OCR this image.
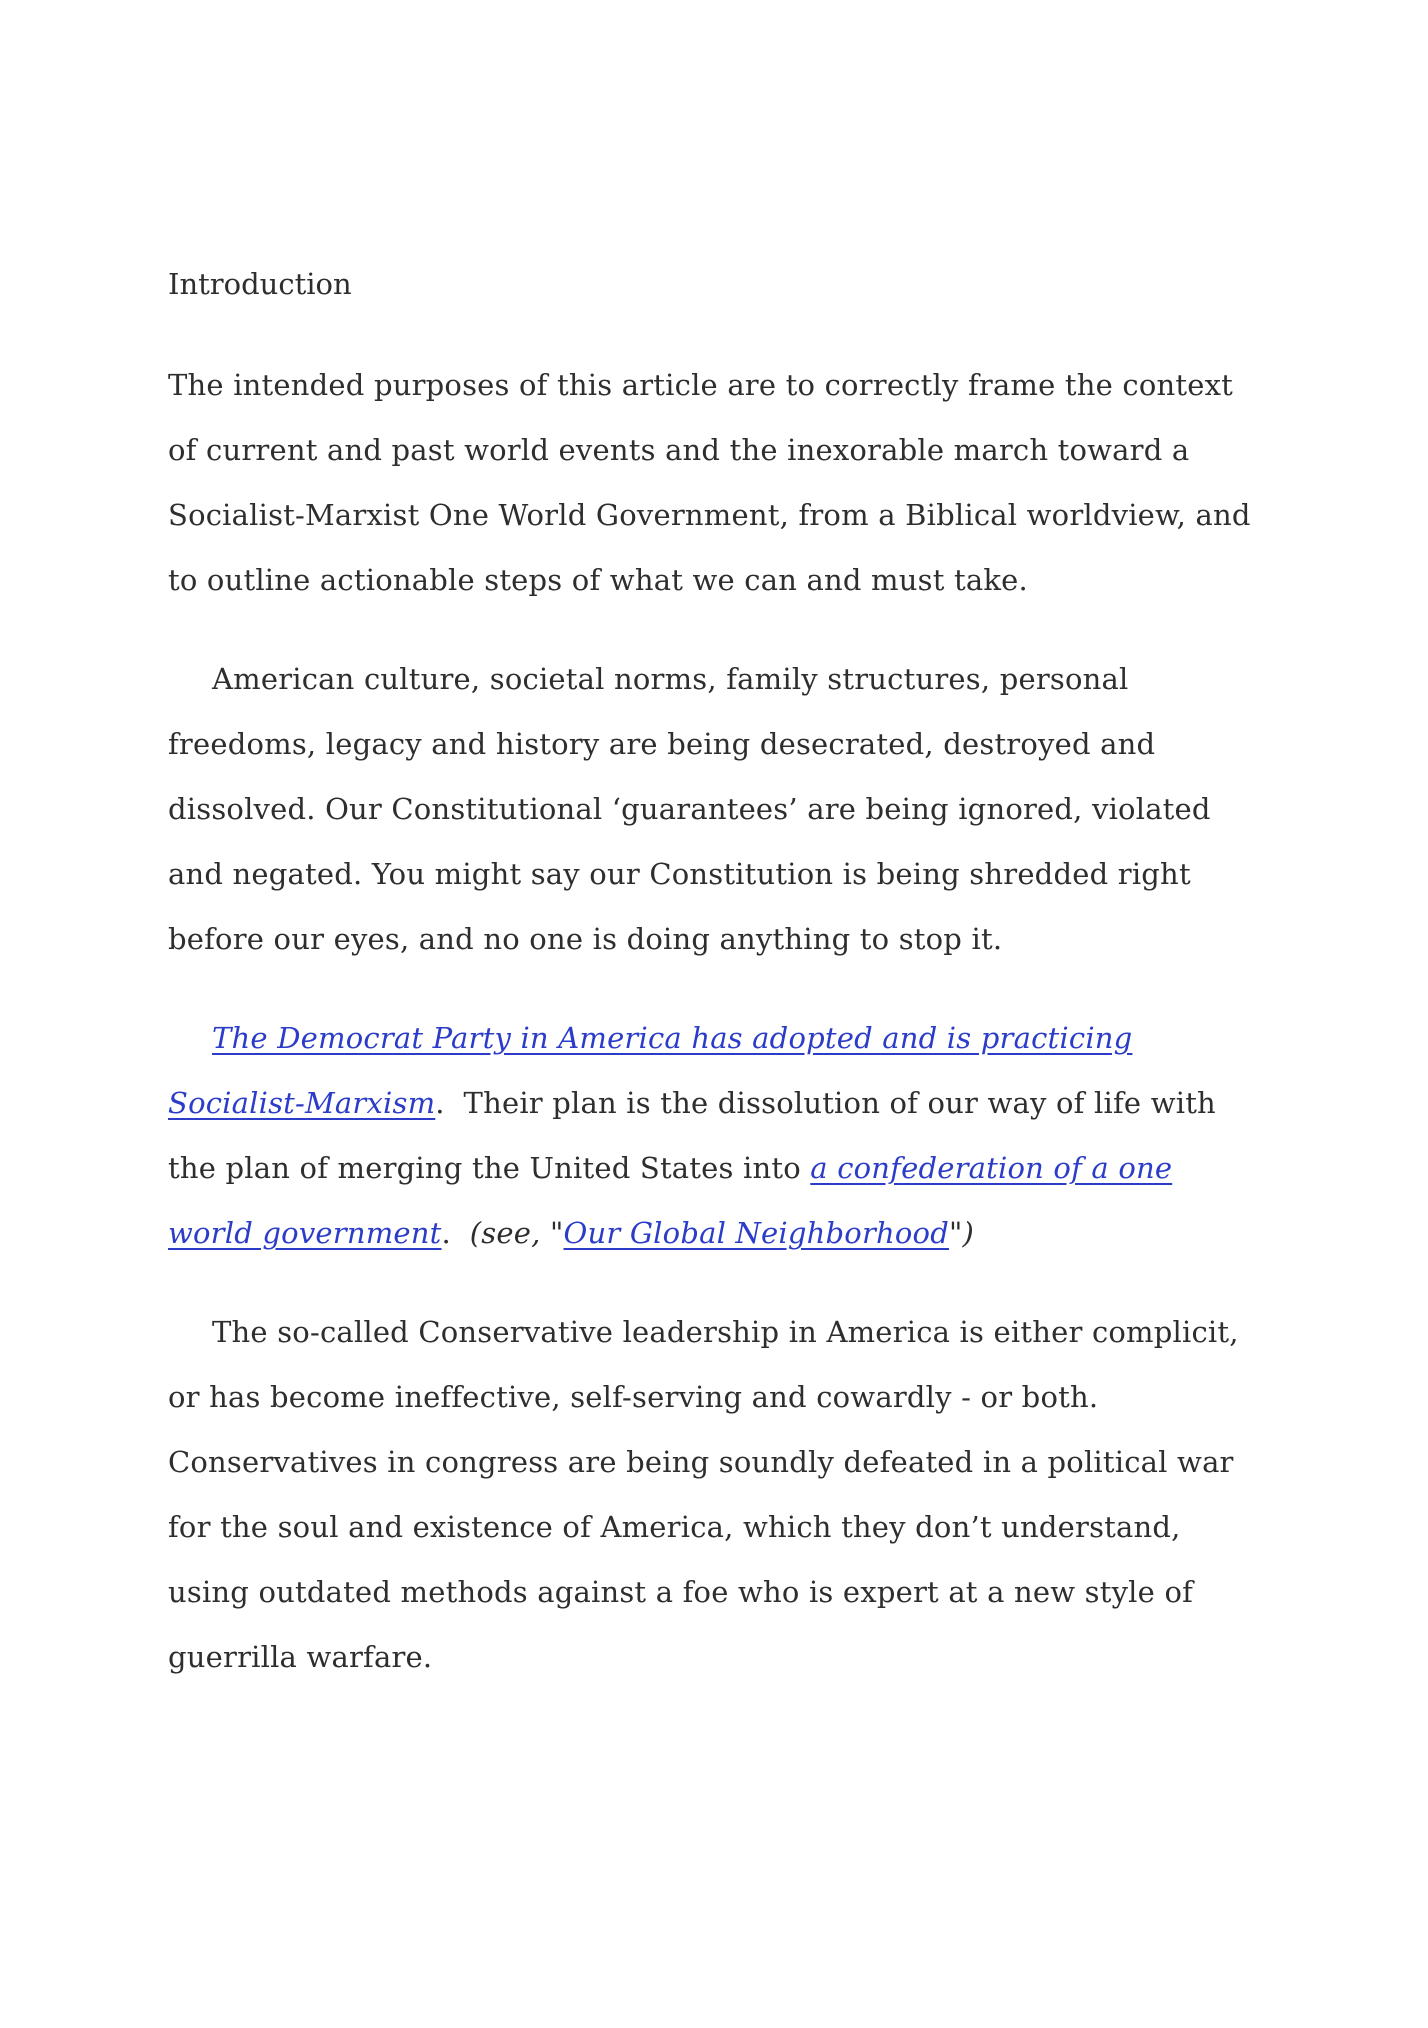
Introduction

The intended purposes of this article are to correctly frame the context of current and past world events and the inexorable march toward a Socialist-Marxist One World Government, from a Biblical worldview, and to outline actionable steps of what we can and must take.

American culture, societal norms, family structures, personal freedoms, legacy and history are being desecrated, destroyed and dissolved. Our Constitutional ‘guarantees’ are being ignored, violated and negated. You might say our Constitution is being shredded right before our eyes, and no one is doing anything to stop it.

The Democrat Party in America has adopted and is practicing Socialist-Marxism.  Their plan is the dissolution of our way of life with the plan of merging the United States into a confederation of a one world government.  (see, "Our Global Neighborhood")

The so-called Conservative leadership in America is either complicit, or has become ineffective, self-serving and cowardly - or both.  Conservatives in congress are being soundly defeated in a political war for the soul and existence of America, which they don’t understand, using outdated methods against a foe who is expert at a new style of guerrilla warfare.
